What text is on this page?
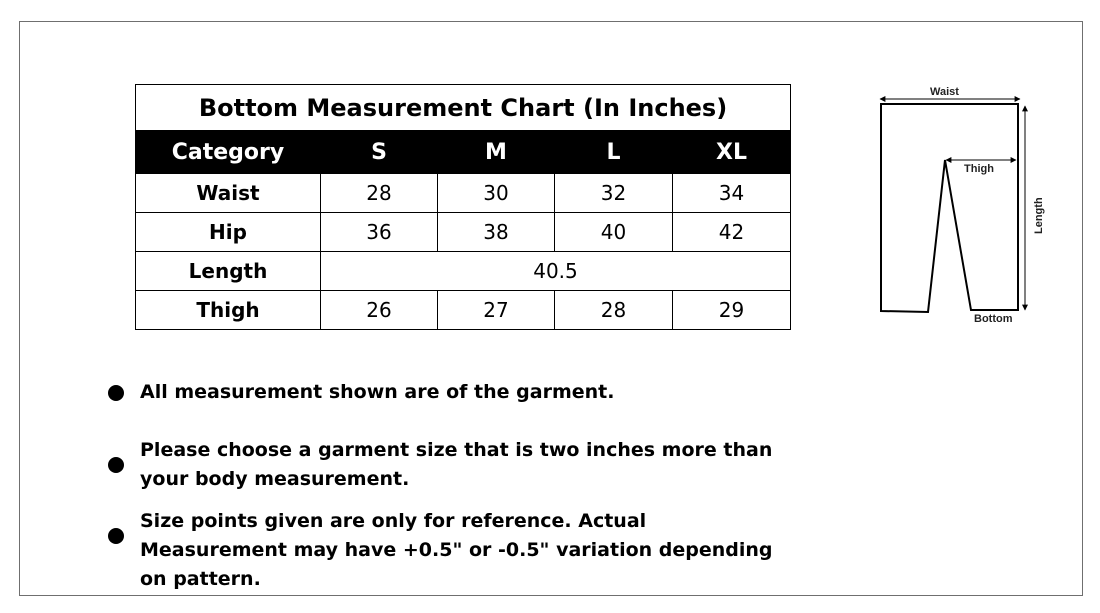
Bottom Measurement Chart (In Inches)				
Category	S	M	L	XL
Waist	28	30	32	34
Hip	36	38	40	42
Length	40.5			
Thigh	26	27	28	29
All measurement shown are of the garment.
Please choose a garment size that is two inches more than your body measurement.
Size points given are only for reference. Actual Measurement may have +0.5" or -0.5" variation depending on pattern.
Waist
Thigh
Length
Bottom
